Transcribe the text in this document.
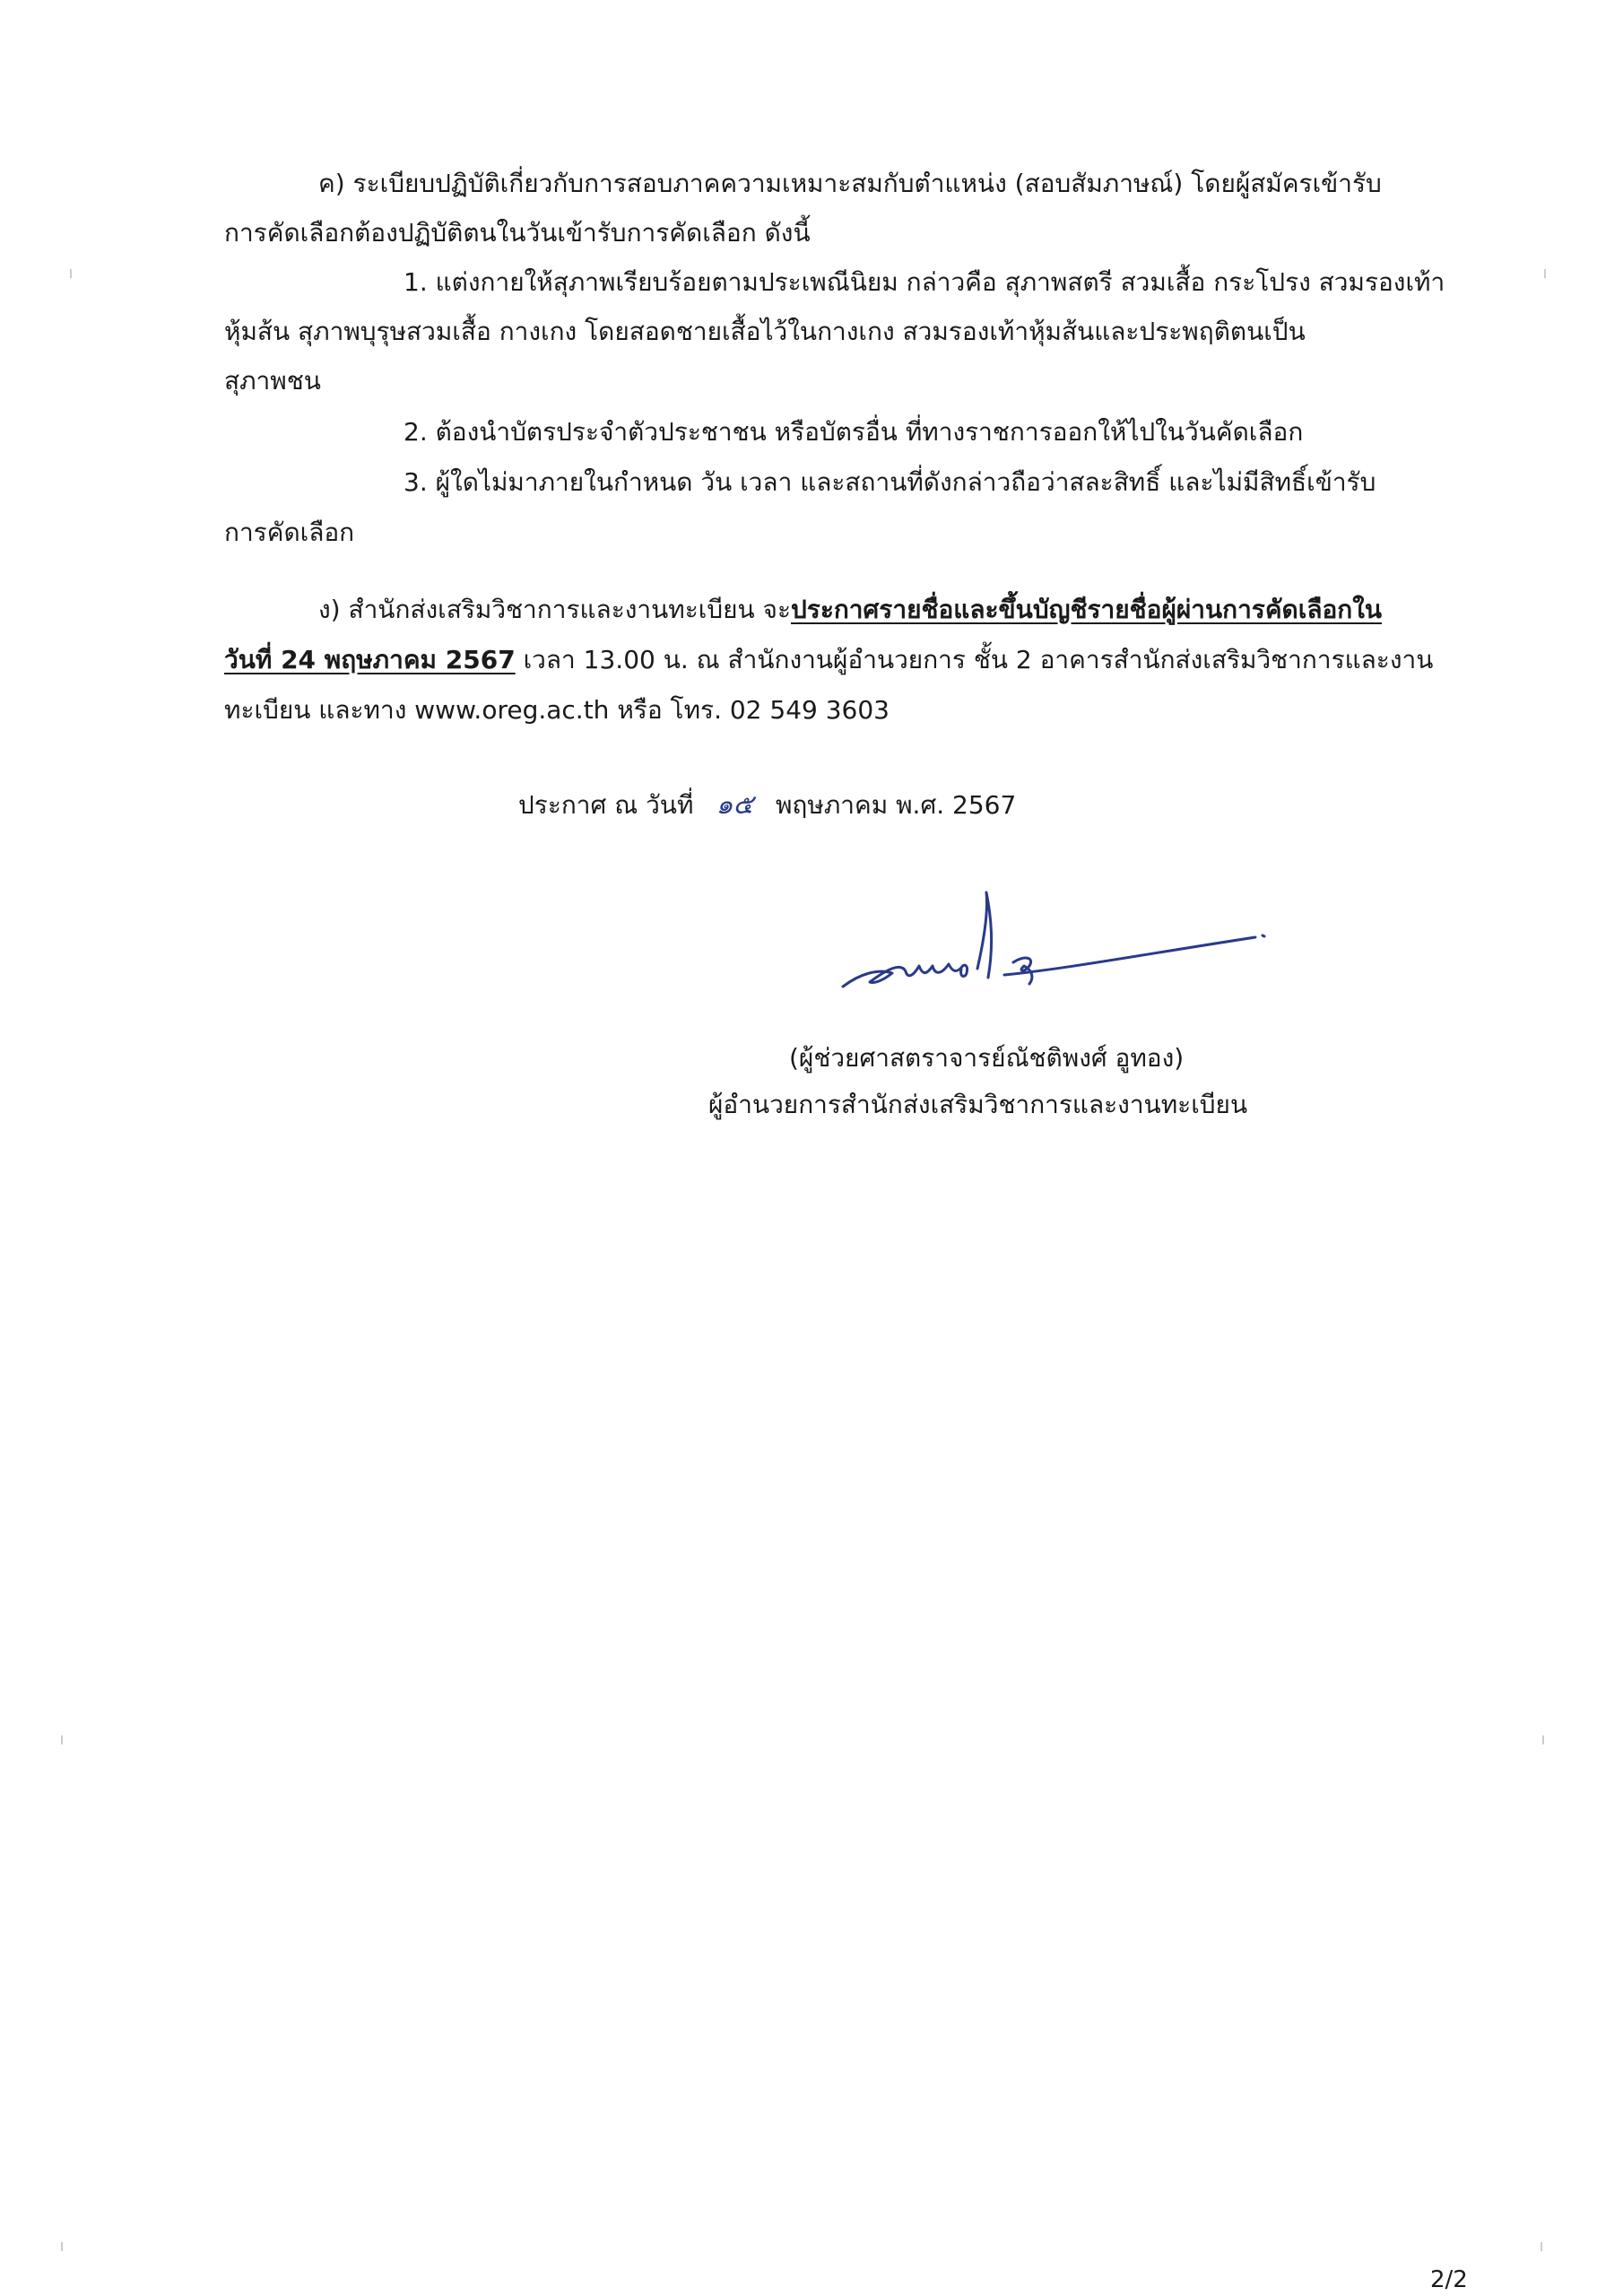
ค) ระเบียบปฏิบัติเกี่ยวกับการสอบภาคความเหมาะสมกับตำแหน่ง (สอบสัมภาษณ์) โดยผู้สมัครเข้ารับ
การคัดเลือกต้องปฏิบัติตนในวันเข้ารับการคัดเลือก ดังนี้
1. แต่งกายให้สุภาพเรียบร้อยตามประเพณีนิยม กล่าวคือ สุภาพสตรี สวมเสื้อ กระโปรง สวมรองเท้า
หุ้มส้น สุภาพบุรุษสวมเสื้อ กางเกง โดยสอดชายเสื้อไว้ในกางเกง สวมรองเท้าหุ้มส้นและประพฤติตนเป็น
สุภาพชน
2. ต้องนำบัตรประจำตัวประชาชน หรือบัตรอื่น ที่ทางราชการออกให้ไปในวันคัดเลือก
3. ผู้ใดไม่มาภายในกำหนด วัน เวลา และสถานที่ดังกล่าวถือว่าสละสิทธิ์ และไม่มีสิทธิ์เข้ารับ
การคัดเลือก
ง) สำนักส่งเสริมวิชาการและงานทะเบียน จะประกาศรายชื่อและขึ้นบัญชีรายชื่อผู้ผ่านการคัดเลือกใน
วันที่ 24 พฤษภาคม 2567 เวลา 13.00 น. ณ สำนักงานผู้อำนวยการ ชั้น 2 อาคารสำนักส่งเสริมวิชาการและงาน
ทะเบียน และทาง www.oreg.ac.th หรือ โทร. 02 549 3603
ประกาศ ณ วันที่ ๑๕ พฤษภาคม พ.ศ. 2567
(ผู้ช่วยศาสตราจารย์ณัชติพงศ์ อูทอง)
ผู้อำนวยการสำนักส่งเสริมวิชาการและงานทะเบียน
2/2
